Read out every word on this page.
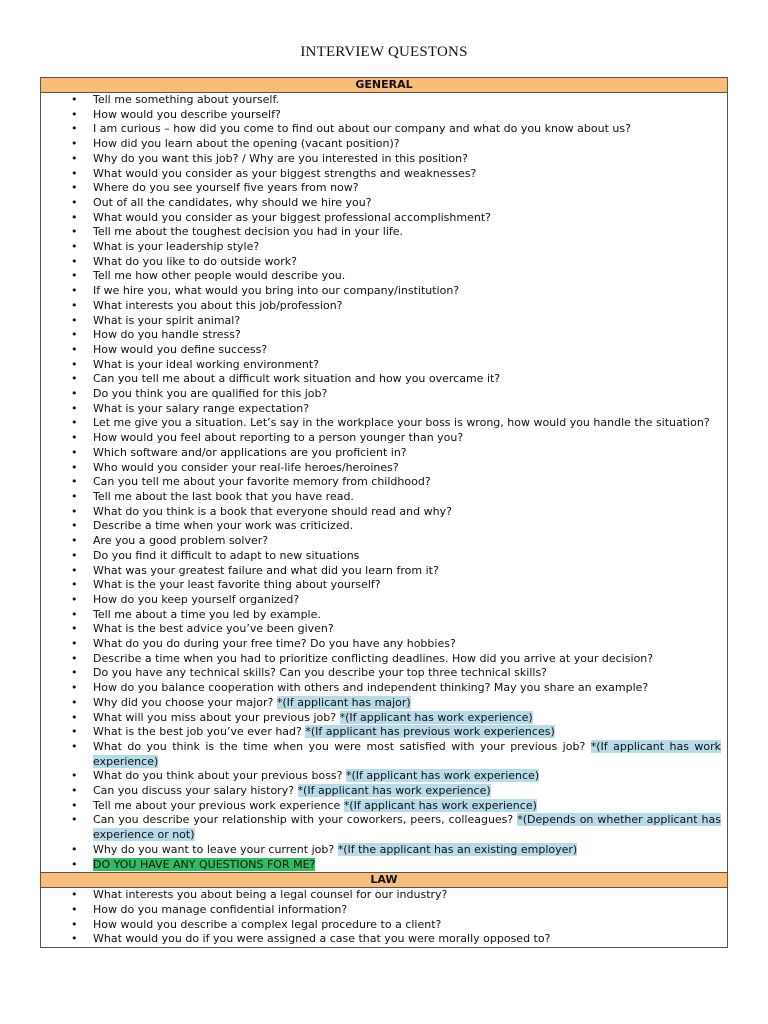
INTERVIEW QUESTONS
GENERAL
• Tell me something about yourself.
• How would you describe yourself?
• I am curious – how did you come to find out about our company and what do you know about us?
• How did you learn about the opening (vacant position)?
• Why do you want this job? / Why are you interested in this position?
• What would you consider as your biggest strengths and weaknesses?
• Where do you see yourself five years from now?
• Out of all the candidates, why should we hire you?
• What would you consider as your biggest professional accomplishment?
• Tell me about the toughest decision you had in your life.
• What is your leadership style?
• What do you like to do outside work?
• Tell me how other people would describe you.
• If we hire you, what would you bring into our company/institution?
• What interests you about this job/profession?
• What is your spirit animal?
• How do you handle stress?
• How would you define success?
• What is your ideal working environment?
• Can you tell me about a difficult work situation and how you overcame it?
• Do you think you are qualified for this job?
• What is your salary range expectation?
• Let me give you a situation. Let’s say in the workplace your boss is wrong, how would you handle the situation?
• How would you feel about reporting to a person younger than you?
• Which software and/or applications are you proficient in?
• Who would you consider your real-life heroes/heroines?
• Can you tell me about your favorite memory from childhood?
• Tell me about the last book that you have read.
• What do you think is a book that everyone should read and why?
• Describe a time when your work was criticized.
• Are you a good problem solver?
• Do you find it difficult to adapt to new situations
• What was your greatest failure and what did you learn from it?
• What is the your least favorite thing about yourself?
• How do you keep yourself organized?
• Tell me about a time you led by example.
• What is the best advice you’ve been given?
• What do you do during your free time? Do you have any hobbies?
• Describe a time when you had to prioritize conflicting deadlines. How did you arrive at your decision?
• Do you have any technical skills? Can you describe your top three technical skills?
• How do you balance cooperation with others and independent thinking? May you share an example?
• Why did you choose your major? *(If applicant has major)
• What will you miss about your previous job? *(If applicant has work experience)
• What is the best job you’ve ever had? *(If applicant has previous work experiences)
• What do you think is the time when you were most satisfied with your previous job? *(If applicant has work experience)
• What do you think about your previous boss? *(If applicant has work experience)
• Can you discuss your salary history? *(If applicant has work experience)
• Tell me about your previous work experience *(If applicant has work experience)
• Can you describe your relationship with your coworkers, peers, colleagues? *(Depends on whether applicant has experience or not)
• Why do you want to leave your current job? *(If the applicant has an existing employer)
• DO YOU HAVE ANY QUESTIONS FOR ME?
LAW
• What interests you about being a legal counsel for our industry?
• How do you manage confidential information?
• How would you describe a complex legal procedure to a client?
• What would you do if you were assigned a case that you were morally opposed to?
